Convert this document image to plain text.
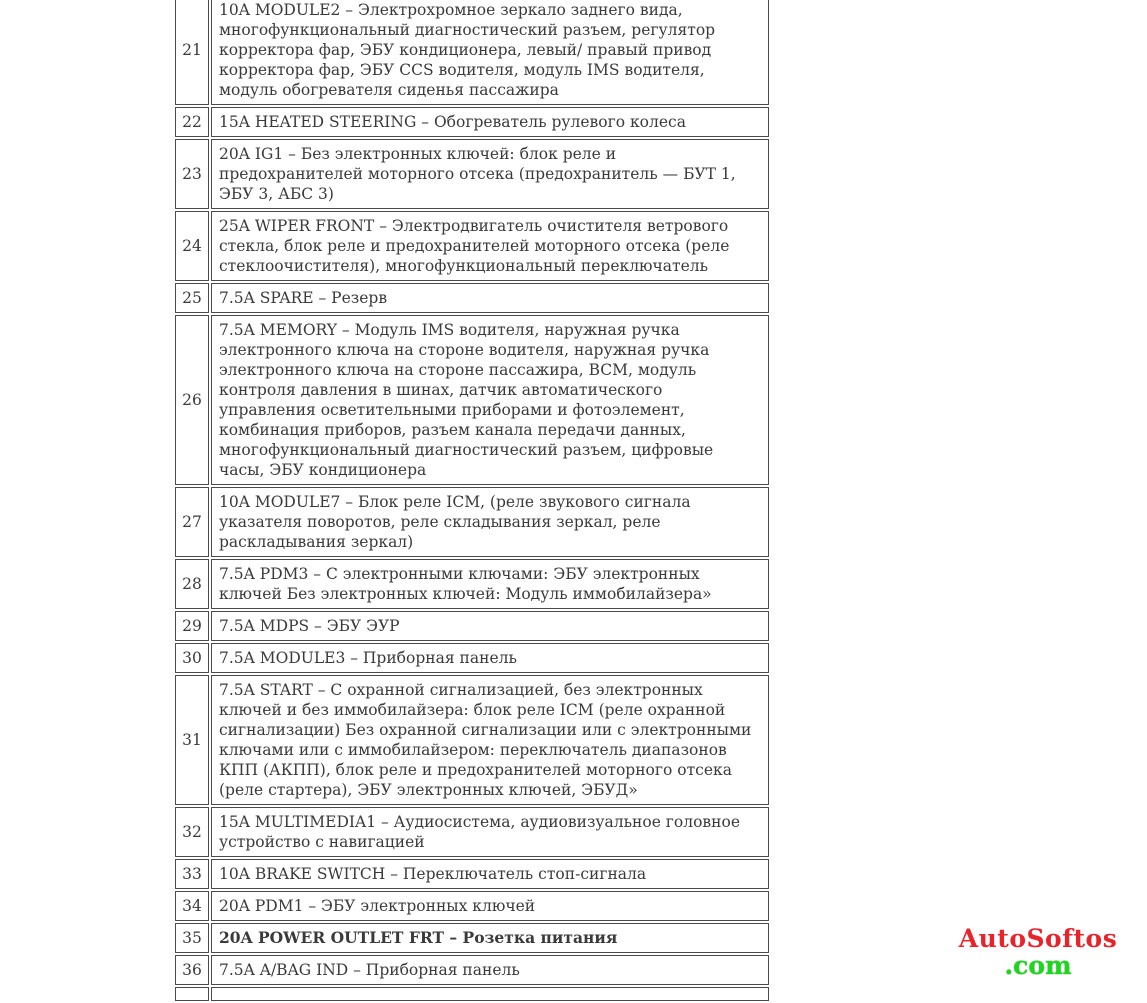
21	10A MODULE2 – Электрохромное зеркало заднего вида, многофункциональный диагностический разъем, регулятор корректора фар, ЭБУ кондиционера, левый/ правый привод корректора фар, ЭБУ CCS водителя, модуль IMS водителя, модуль обогревателя сиденья пассажира
22	15A HEATED STEERING – Обогреватель рулевого колеса
23	20A IG1 – Без электронных ключей: блок реле и предохранителей моторного отсека (предохранитель — БУТ 1, ЭБУ 3, АБС 3)
24	25A WIPER FRONT – Электродвигатель очистителя ветрового стекла, блок реле и предохранителей моторного отсека (реле стеклоочистителя), многофункциональный переключатель
25	7.5A SPARE – Резерв
26	7.5A MEMORY – Модуль IMS водителя, наружная ручка электронного ключа на стороне водителя, наружная ручка электронного ключа на стороне пассажира, BCM, модуль контроля давления в шинах, датчик автоматического управления осветительными приборами и фотоэлемент, комбинация приборов, разъем канала передачи данных, многофункциональный диагностический разъем, цифровые часы, ЭБУ кондиционера
27	10A MODULE7 – Блок реле ICM, (реле звукового сигнала указателя поворотов, реле складывания зеркал, реле раскладывания зеркал)
28	7.5A PDM3 – С электронными ключами: ЭБУ электронных ключей Без электронных ключей: Модуль иммобилайзера»
29	7.5A MDPS – ЭБУ ЭУР
30	7.5A MODULE3 – Приборная панель
31	7.5A START – С охранной сигнализацией, без электронных ключей и без иммобилайзера: блок реле ICM (реле охранной сигнализации) Без охранной сигнализации или с электронными ключами или с иммобилайзером: переключатель диапазонов КПП (АКПП), блок реле и предохранителей моторного отсека (реле стартера), ЭБУ электронных ключей, ЭБУД»
32	15A MULTIMEDIA1 – Аудиосистема, аудиовизуальное головное устройство с навигацией
33	10A BRAKE SWITCH – Переключатель стоп-сигнала
34	20A PDM1 – ЭБУ электронных ключей
35	20A POWER OUTLET FRT – Розетка питания
36	7.5A A/BAG IND – Приборная панель

AutoSoftos
.com
